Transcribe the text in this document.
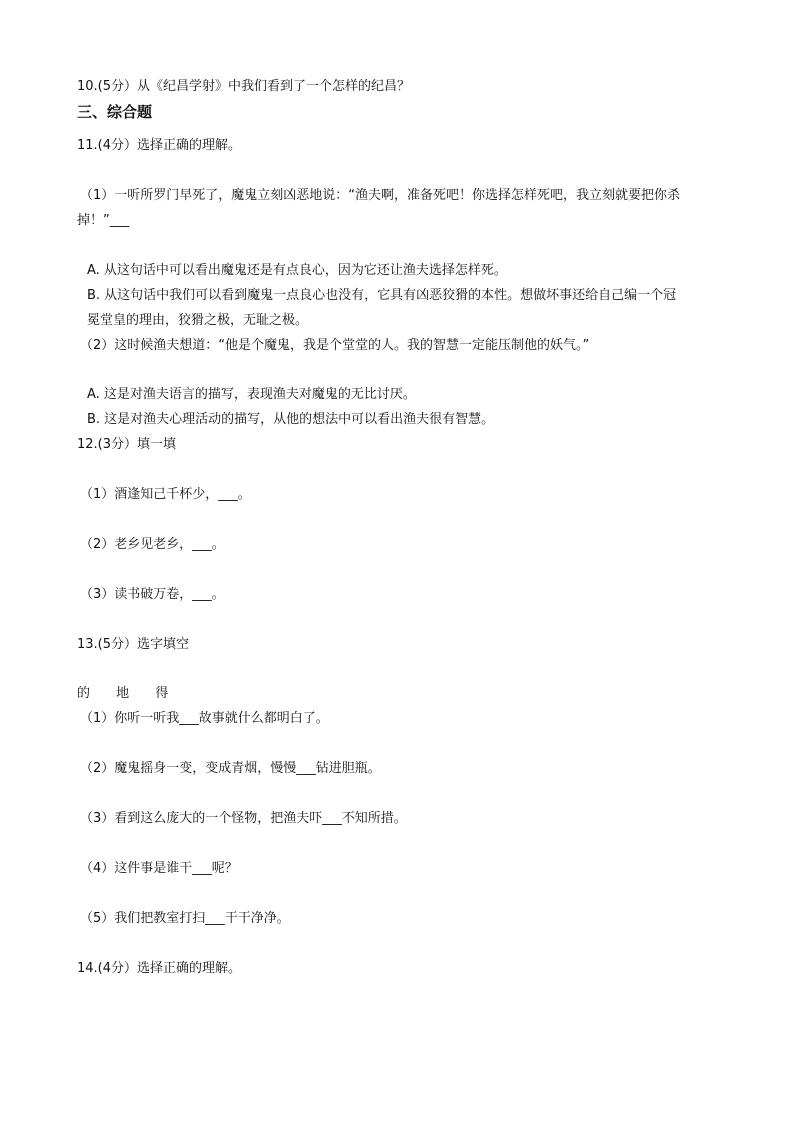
10.(5分）从《纪昌学射》中我们看到了一个怎样的纪昌？
三、综合题
11.(4分）选择正确的理解。
（1）一听所罗门早死了，魔鬼立刻凶恶地说：“渔夫啊，准备死吧！你选择怎样死吧，我立刻就要把你杀
掉！”___
A. 从这句话中可以看出魔鬼还是有点良心，因为它还让渔夫选择怎样死。
B. 从这句话中我们可以看到魔鬼一点良心也没有，它具有凶恶狡猾的本性。想做坏事还给自己编一个冠
冕堂皇的理由，狡猾之极，无耻之极。
（2）这时候渔夫想道：“他是个魔鬼，我是个堂堂的人。我的智慧一定能压制他的妖气。”
A. 这是对渔夫语言的描写，表现渔夫对魔鬼的无比讨厌。
B. 这是对渔夫心理活动的描写，从他的想法中可以看出渔夫很有智慧。
12.(3分）填一填
（1）酒逢知己千杯少，___。
（2）老乡见老乡，___。
（3）读书破万卷，___。
13.(5分）选字填空
的 地 得
（1）你听一听我___故事就什么都明白了。
（2）魔鬼摇身一变，变成青烟，慢慢___钻进胆瓶。
（3）看到这么庞大的一个怪物，把渔夫吓___不知所措。
（4）这件事是谁干___呢？
（5）我们把教室打扫___干干净净。
14.(4分）选择正确的理解。
